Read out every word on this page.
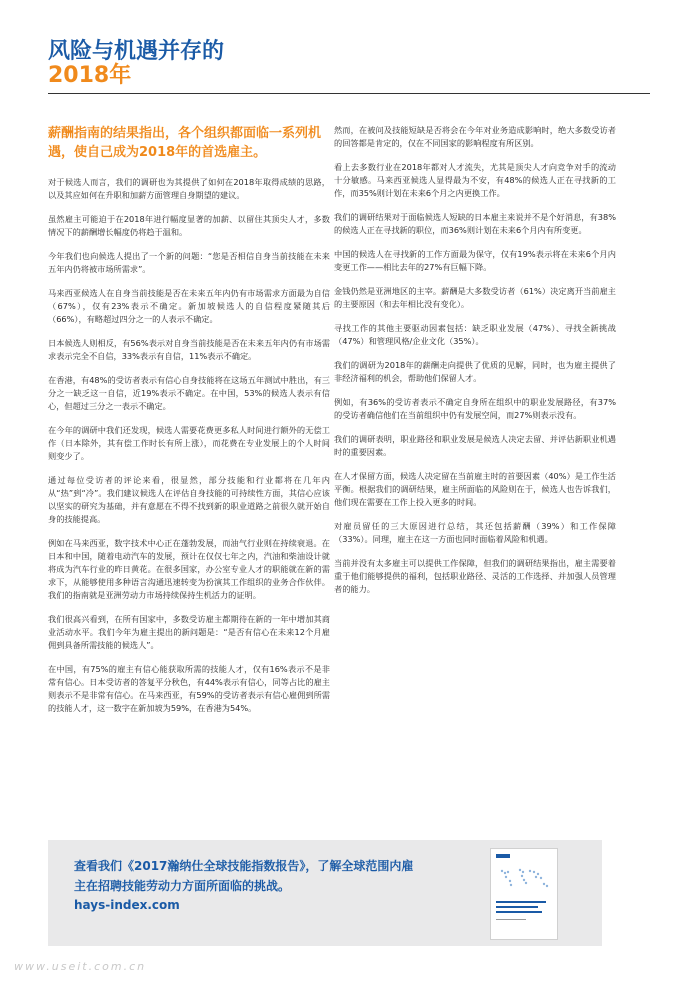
风险与机遇并存的
2018年

薪酬指南的结果指出，各个组织都面临一系列机遇，使自己成为2018年的首选雇主。

对于候选人而言，我们的调研也为其提供了如何在2018年取得成绩的思路，以及其应如何在升职和加薪方面管理自身期望的建议。

虽然雇主可能迫于在2018年进行幅度显著的加薪、以留住其顶尖人才，多数情况下的薪酬增长幅度仍将趋于温和。

今年我们也向候选人提出了一个新的问题：“您是否相信自身当前技能在未来五年内仍将被市场所需求”。

马来西亚候选人在自身当前技能是否在未来五年内仍有市场需求方面最为自信（67%），仅有23%表示不确定。新加坡候选人的自信程度紧随其后（66%），有略超过四分之一的人表示不确定。

日本候选人则相反，有56%表示对自身当前技能是否在未来五年内仍有市场需求表示完全不自信，33%表示有自信，11%表示不确定。

在香港，有48%的受访者表示有信心自身技能将在这场五年测试中胜出，有三分之一缺乏这一自信，近19%表示不确定。在中国，53%的候选人表示有信心，但超过三分之一表示不确定。

在今年的调研中我们还发现，候选人需要花费更多私人时间进行额外的无偿工作（日本除外，其有偿工作时长有所上涨），而花费在专业发展上的个人时间则变少了。

通过每位受访者的评论来看，很显然，部分技能和行业都将在几年内从“热”到“冷”。我们建议候选人在评估自身技能的可持续性方面，其信心应该以坚实的研究为基础，并有意愿在不得不找到新的职业道路之前很久就开始自身的技能提高。

例如在马来西亚，数字技术中心正在蓬勃发展，而油气行业则在持续衰退。在日本和中国，随着电动汽车的发展，预计在仅仅七年之内，汽油和柴油设计就将成为汽车行业的昨日黄花。在很多国家，办公室专业人才的职能就在新的需求下，从能够使用多种语言沟通迅速转变为扮演其工作组织的业务合作伙伴。我们的指南就是亚洲劳动力市场持续保持生机活力的证明。

我们很高兴看到，在所有国家中，多数受访雇主都期待在新的一年中增加其商业活动水平。我们今年为雇主提出的新问题是：“是否有信心在未来12个月雇佣到具备所需技能的候选人”。

在中国，有75%的雇主有信心能获取所需的技能人才，仅有16%表示不是非常有信心。日本受访者的答复平分秋色，有44%表示有信心，同等占比的雇主则表示不是非常有信心。在马来西亚，有59%的受访者表示有信心雇佣到所需的技能人才，这一数字在新加坡为59%，在香港为54%。

然而，在被问及技能短缺是否将会在今年对业务造成影响时，绝大多数受访者的回答都是肯定的，仅在不同国家的影响程度有所区别。

看上去多数行业在2018年都对人才流失，尤其是顶尖人才向竞争对手的流动十分敏感。马来西亚候选人显得最为不安，有48%的候选人正在寻找新的工作，而35%则计划在未来6个月之内更换工作。

我们的调研结果对于面临候选人短缺的日本雇主来说并不是个好消息，有38%的候选人正在寻找新的职位，而36%则计划在未来6个月内有所变更。

中国的候选人在寻找新的工作方面最为保守，仅有19%表示将在未来6个月内变更工作——相比去年的27%有巨幅下降。

金钱仍然是亚洲地区的主宰。薪酬是大多数受访者（61%）决定离开当前雇主的主要原因（和去年相比没有变化）。

寻找工作的其他主要驱动因素包括：缺乏职业发展（47%）、寻找全新挑战（47%）和管理风格/企业文化（35%）。

我们的调研为2018年的薪酬走向提供了优质的见解，同时，也为雇主提供了非经济福利的机会，帮助他们保留人才。

例如，有36%的受访者表示不确定自身所在组织中的职业发展路径，有37%的受访者确信他们在当前组织中仍有发展空间，而27%则表示没有。

我们的调研表明，职业路径和职业发展是候选人决定去留、并评估新职业机遇时的重要因素。

在人才保留方面，候选人决定留在当前雇主时的首要因素（40%）是工作生活平衡。根据我们的调研结果，雇主所面临的风险则在于，候选人也告诉我们，他们现在需要在工作上投入更多的时间。

对雇员留任的三大原因进行总结，其还包括薪酬（39%）和工作保障（33%）。同理，雇主在这一方面也同时面临着风险和机遇。

当前并没有太多雇主可以提供工作保障，但我们的调研结果指出，雇主需要着重于他们能够提供的福利，包括职业路径、灵活的工作选择、并加强人员管理者的能力。

查看我们《2017瀚纳仕全球技能指数报告》，了解全球范围内雇主在招聘技能劳动力方面所面临的挑战。

hays-index.com
www.useit.com.cn
